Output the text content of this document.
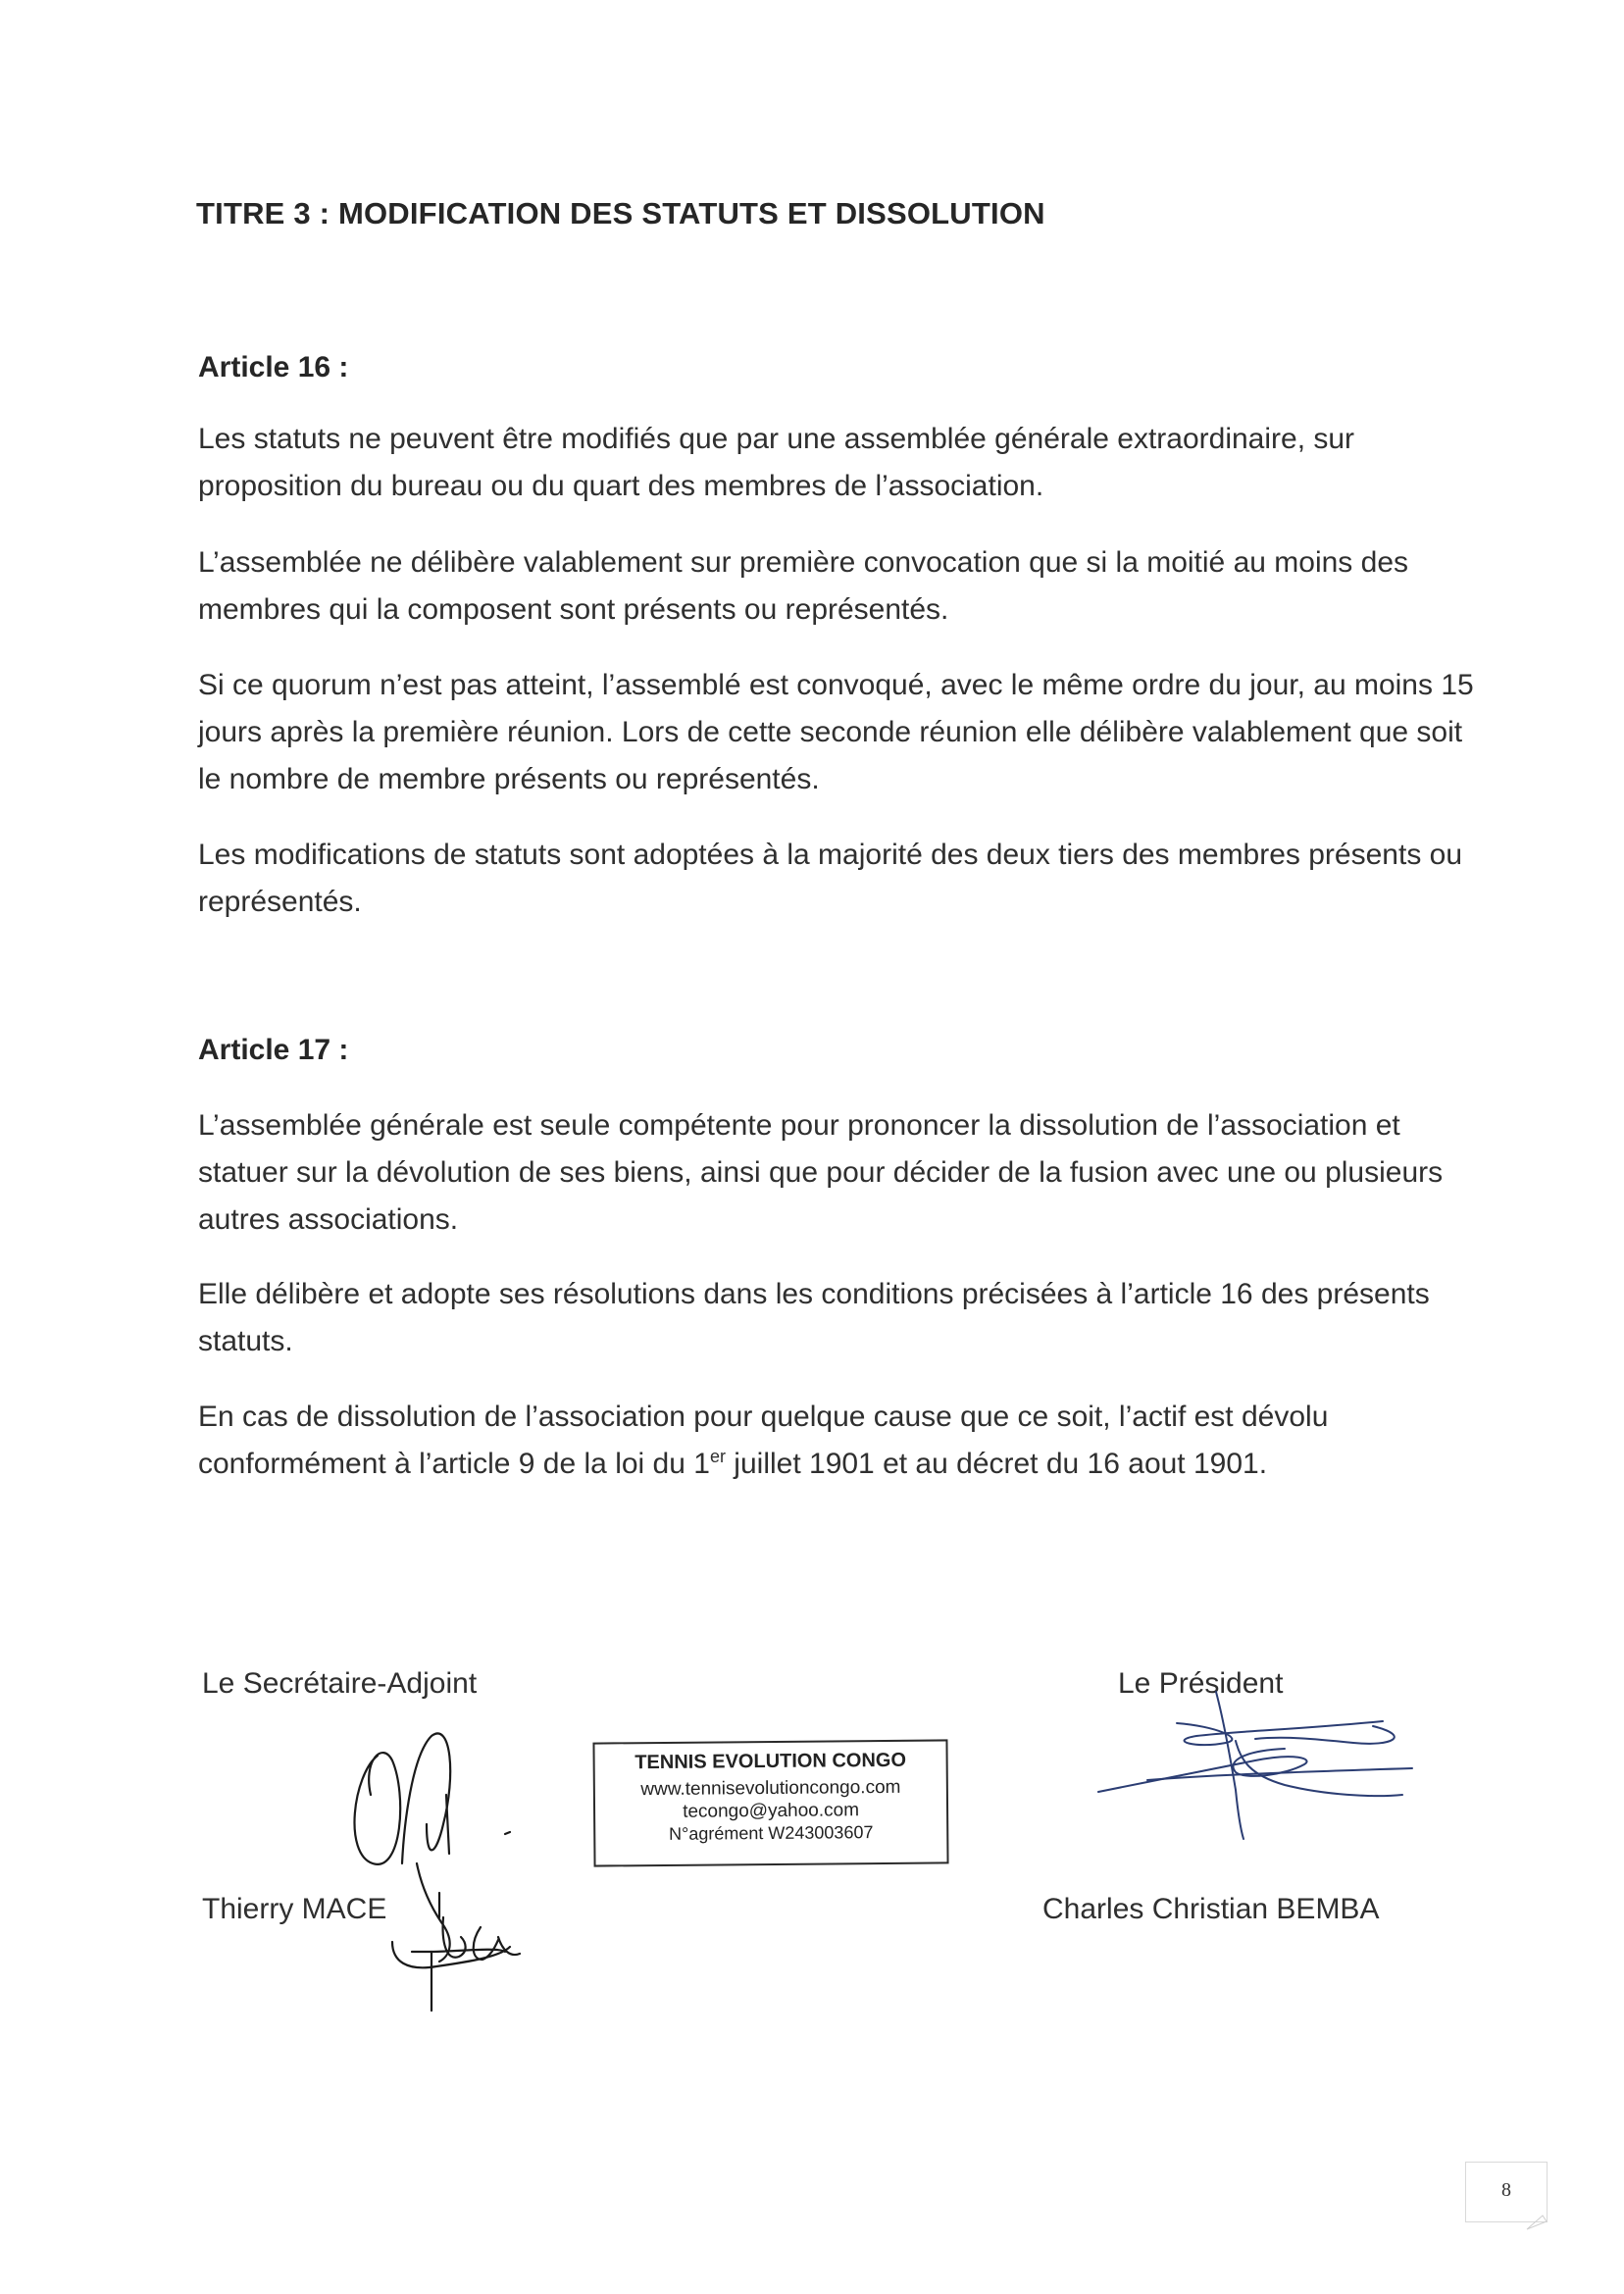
TITRE 3 : MODIFICATION DES STATUTS ET DISSOLUTION
Article 16 :

Les statuts ne peuvent être modifiés que par une assemblée générale extraordinaire, sur proposition du bureau ou du quart des membres de l’association.

L’assemblée ne délibère valablement sur première convocation que si la moitié au moins des membres qui la composent sont présents ou représentés.

Si ce quorum n’est pas atteint, l’assemblé est convoqué, avec le même ordre du jour, au moins 15 jours après la première réunion. Lors de cette seconde réunion elle délibère valablement que soit le nombre de membre présents ou représentés.

Les modifications de statuts sont adoptées à la majorité des deux tiers des membres présents ou représentés.

Article 17 :

L’assemblée générale est seule compétente pour prononcer la dissolution de l’association et statuer sur la dévolution de ses biens, ainsi que pour décider de la fusion avec une ou plusieurs autres associations.

Elle délibère et adopte ses résolutions dans les conditions précisées à l’article 16 des présents statuts.

En cas de dissolution de l’association pour quelque cause que ce soit, l’actif est dévolu conformément à l’article 9 de la loi du 1er juillet 1901 et au décret du 16 aout 1901.

Le Secrétaire-Adjoint
Thierry MACE
Le Président
Charles Christian BEMBA
TENNIS EVOLUTION CONGO
www.tennisevolutioncongo.com
tecongo@yahoo.com
N°agrément W243003607
8
